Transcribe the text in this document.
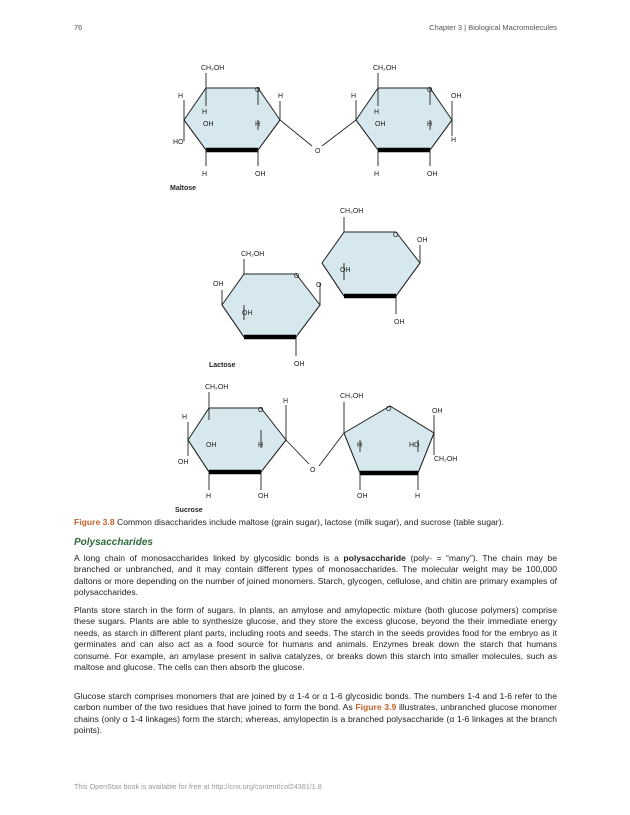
76	Chapter 3 | Biological Macromolecules
CH₂OH
O
H	H
H
OH	H
HO
H	OH
O
CH₂OH
O
H	OH
H
OH	H
H
H	OH
Maltose
CH₂OH
O
OH
OH
OH
O
CH₂OH
O
OH
OH
OH
Lactose
CH₂OH
O
H
H
OH	H
OH
H	OH
O
CH₂OH
O	OH
H	HO
CH₂OH
OH	H
Sucrose
Figure 3.8 Common disaccharides include maltose (grain sugar), lactose (milk sugar), and sucrose (table sugar).
Polysaccharides
A long chain of monosaccharides linked by glycosidic bonds is a polysaccharide (poly- = “many”). The chain may be branched or unbranched, and it may contain different types of monosaccharides. The molecular weight may be 100,000 daltons or more depending on the number of joined monomers. Starch, glycogen, cellulose, and chitin are primary examples of polysaccharides.
Plants store starch in the form of sugars. In plants, an amylose and amylopectic mixture (both glucose polymers) comprise these sugars. Plants are able to synthesize glucose, and they store the excess glucose, beyond the their immediate energy needs, as starch in different plant parts, including roots and seeds. The starch in the seeds provides food for the embryo as it germinates and can also act as a food source for humans and animals. Enzymes break down the starch that humans consume. For example, an amylase present in saliva catalyzes, or breaks down this starch into smaller molecules, such as maltose and glucose. The cells can then absorb the glucose.
Glucose starch comprises monomers that are joined by α 1-4 or α 1-6 glycosidic bonds. The numbers 1-4 and 1-6 refer to the carbon number of the two residues that have joined to form the bond. As Figure 3.9 illustrates, unbranched glucose monomer chains (only α 1-4 linkages) form the starch; whereas, amylopectin is a branched polysaccharide (α 1-6 linkages at the branch points).
This OpenStax book is available for free at http://cnx.org/content/col24361/1.8
